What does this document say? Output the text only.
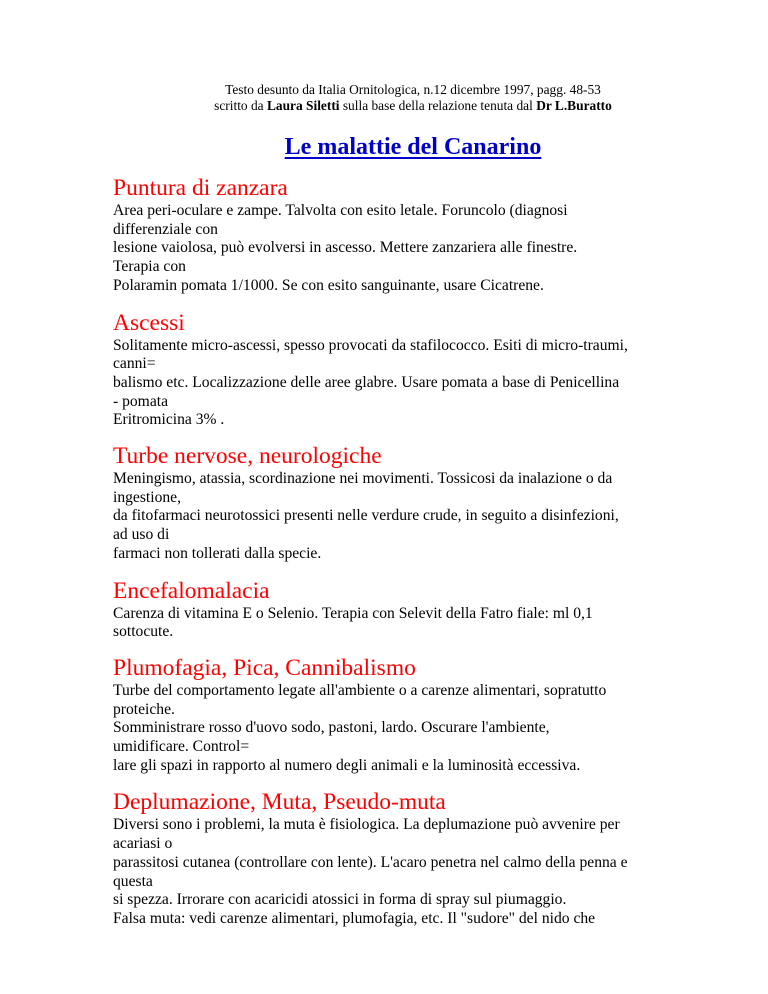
Testo desunto da Italia Ornitologica, n.12 dicembre 1997, pagg. 48-53
scritto da Laura Siletti sulla base della relazione tenuta dal Dr L.Buratto
Le malattie del Canarino
Puntura di zanzara
Area peri-oculare e zampe. Talvolta con esito letale. Foruncolo (diagnosi
differenziale con
lesione vaiolosa, può evolversi in ascesso. Mettere zanzariera alle finestre.
Terapia con
Polaramin pomata 1/1000. Se con esito sanguinante, usare Cicatrene.
Ascessi
Solitamente micro-ascessi, spesso provocati da stafilococco. Esiti di micro-traumi,
canni=
balismo etc. Localizzazione delle aree glabre. Usare pomata a base di Penicellina
- pomata
Eritromicina 3% .
Turbe nervose, neurologiche
Meningismo, atassia, scordinazione nei movimenti. Tossicosi da inalazione o da
ingestione,
da fitofarmaci neurotossici presenti nelle verdure crude, in seguito a disinfezioni,
ad uso di
farmaci non tollerati dalla specie.
Encefalomalacia
Carenza di vitamina E o Selenio. Terapia con Selevit della Fatro fiale: ml 0,1
sottocute.
Plumofagia, Pica, Cannibalismo
Turbe del comportamento legate all'ambiente o a carenze alimentari, sopratutto
proteiche.
Somministrare rosso d'uovo sodo, pastoni, lardo. Oscurare l'ambiente,
umidificare. Control=
lare gli spazi in rapporto al numero degli animali e la luminosità eccessiva.
Deplumazione, Muta, Pseudo-muta
Diversi sono i problemi, la muta è fisiologica. La deplumazione può avvenire per
acariasi o
parassitosi cutanea (controllare con lente). L'acaro penetra nel calmo della penna e
questa
si spezza. Irrorare con acaricidi atossici in forma di spray sul piumaggio.
Falsa muta: vedi carenze alimentari, plumofagia, etc. Il "sudore" del nido che
